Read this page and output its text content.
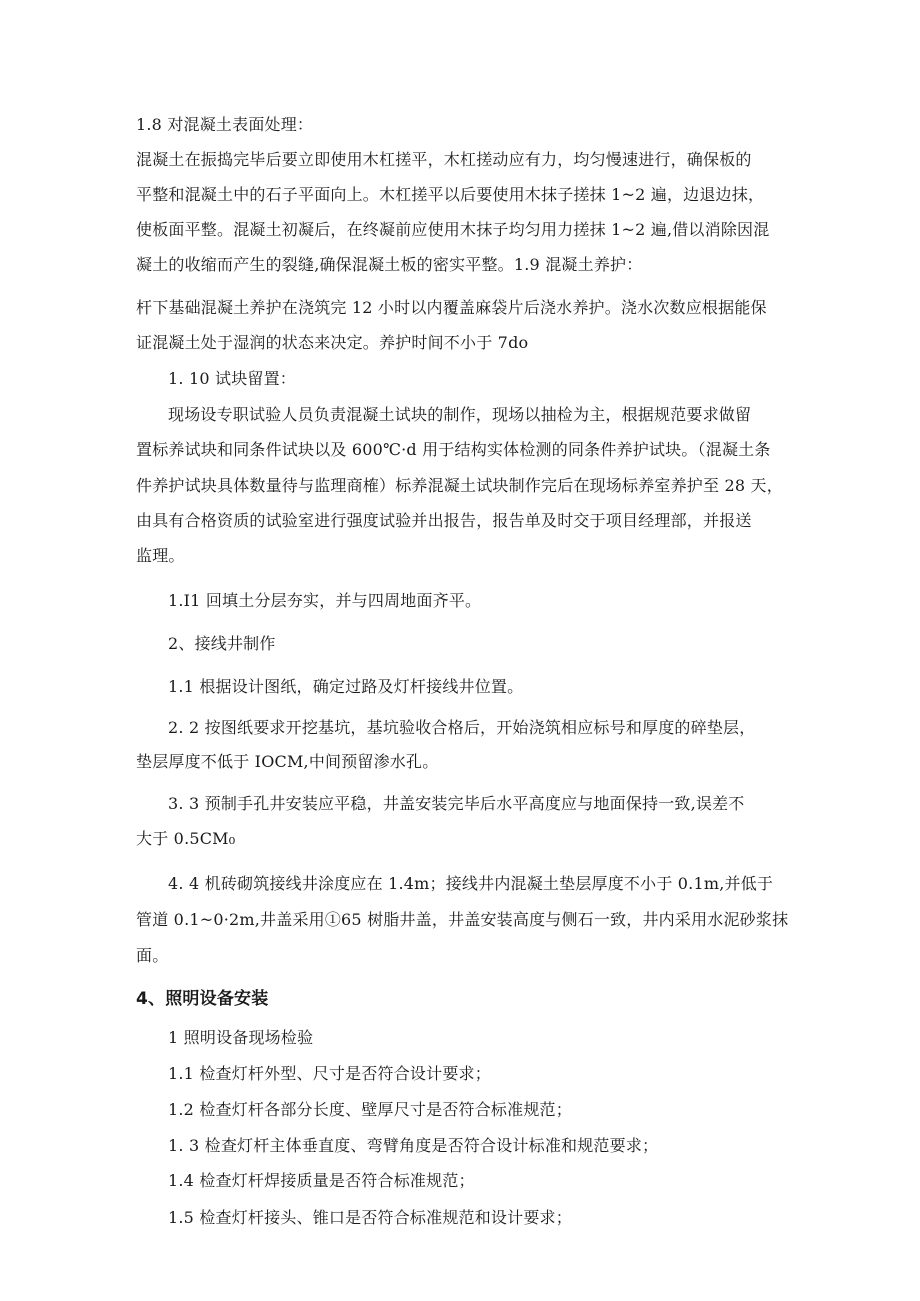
1.8 对混凝土表面处理：
混凝土在振捣完毕后要立即使用木杠搓平，木杠搓动应有力，均匀慢速进行，确保板的
平整和混凝土中的石子平面向上。木杠搓平以后要使用木抹子搓抹 1~2 遍，边退边抹，
使板面平整。混凝土初凝后，在终凝前应使用木抹子均匀用力搓抹 1~2 遍,借以消除因混
凝土的收缩而产生的裂缝,确保混凝土板的密实平整。1.9 混凝土养护：
杆下基础混凝土养护在浇筑完 12 小时以内覆盖麻袋片后浇水养护。浇水次数应根据能保
证混凝土处于湿润的状态来决定。养护时间不小于 7do
1. 10 试块留置：
现场设专职试验人员负责混凝土试块的制作，现场以抽检为主，根据规范要求做留
置标养试块和同条件试块以及 600℃·d 用于结构实体检测的同条件养护试块。（混凝土条
件养护试块具体数量待与监理商榷）标养混凝土试块制作完后在现场标养室养护至 28 天，
由具有合格资质的试验室进行强度试验并出报告，报告单及时交于项目经理部，并报送
监理。
1.I1 回填土分层夯实，并与四周地面齐平。
2、接线井制作
1.1 根据设计图纸，确定过路及灯杆接线井位置。
2. 2 按图纸要求开挖基坑，基坑验收合格后，开始浇筑相应标号和厚度的碎垫层，
垫层厚度不低于 IOCM,中间预留渗水孔。
3. 3 预制手孔井安装应平稳，井盖安装完毕后水平高度应与地面保持一致,误差不
大于 0.5CM₀
4. 4 机砖砌筑接线井涂度应在 1.4m；接线井内混凝土垫层厚度不小于 0.1m,并低于
管道 0.1~0·2m,井盖采用①65 树脂井盖，井盖安装高度与侧石一致，井内采用水泥砂浆抹
面。
4、照明设备安装
1 照明设备现场检验
1.1 检查灯杆外型、尺寸是否符合设计要求；
1.2 检查灯杆各部分长度、壁厚尺寸是否符合标准规范；
1. 3 检查灯杆主体垂直度、弯臂角度是否符合设计标准和规范要求；
1.4 检查灯杆焊接质量是否符合标准规范；
1.5 检查灯杆接头、锥口是否符合标准规范和设计要求；
